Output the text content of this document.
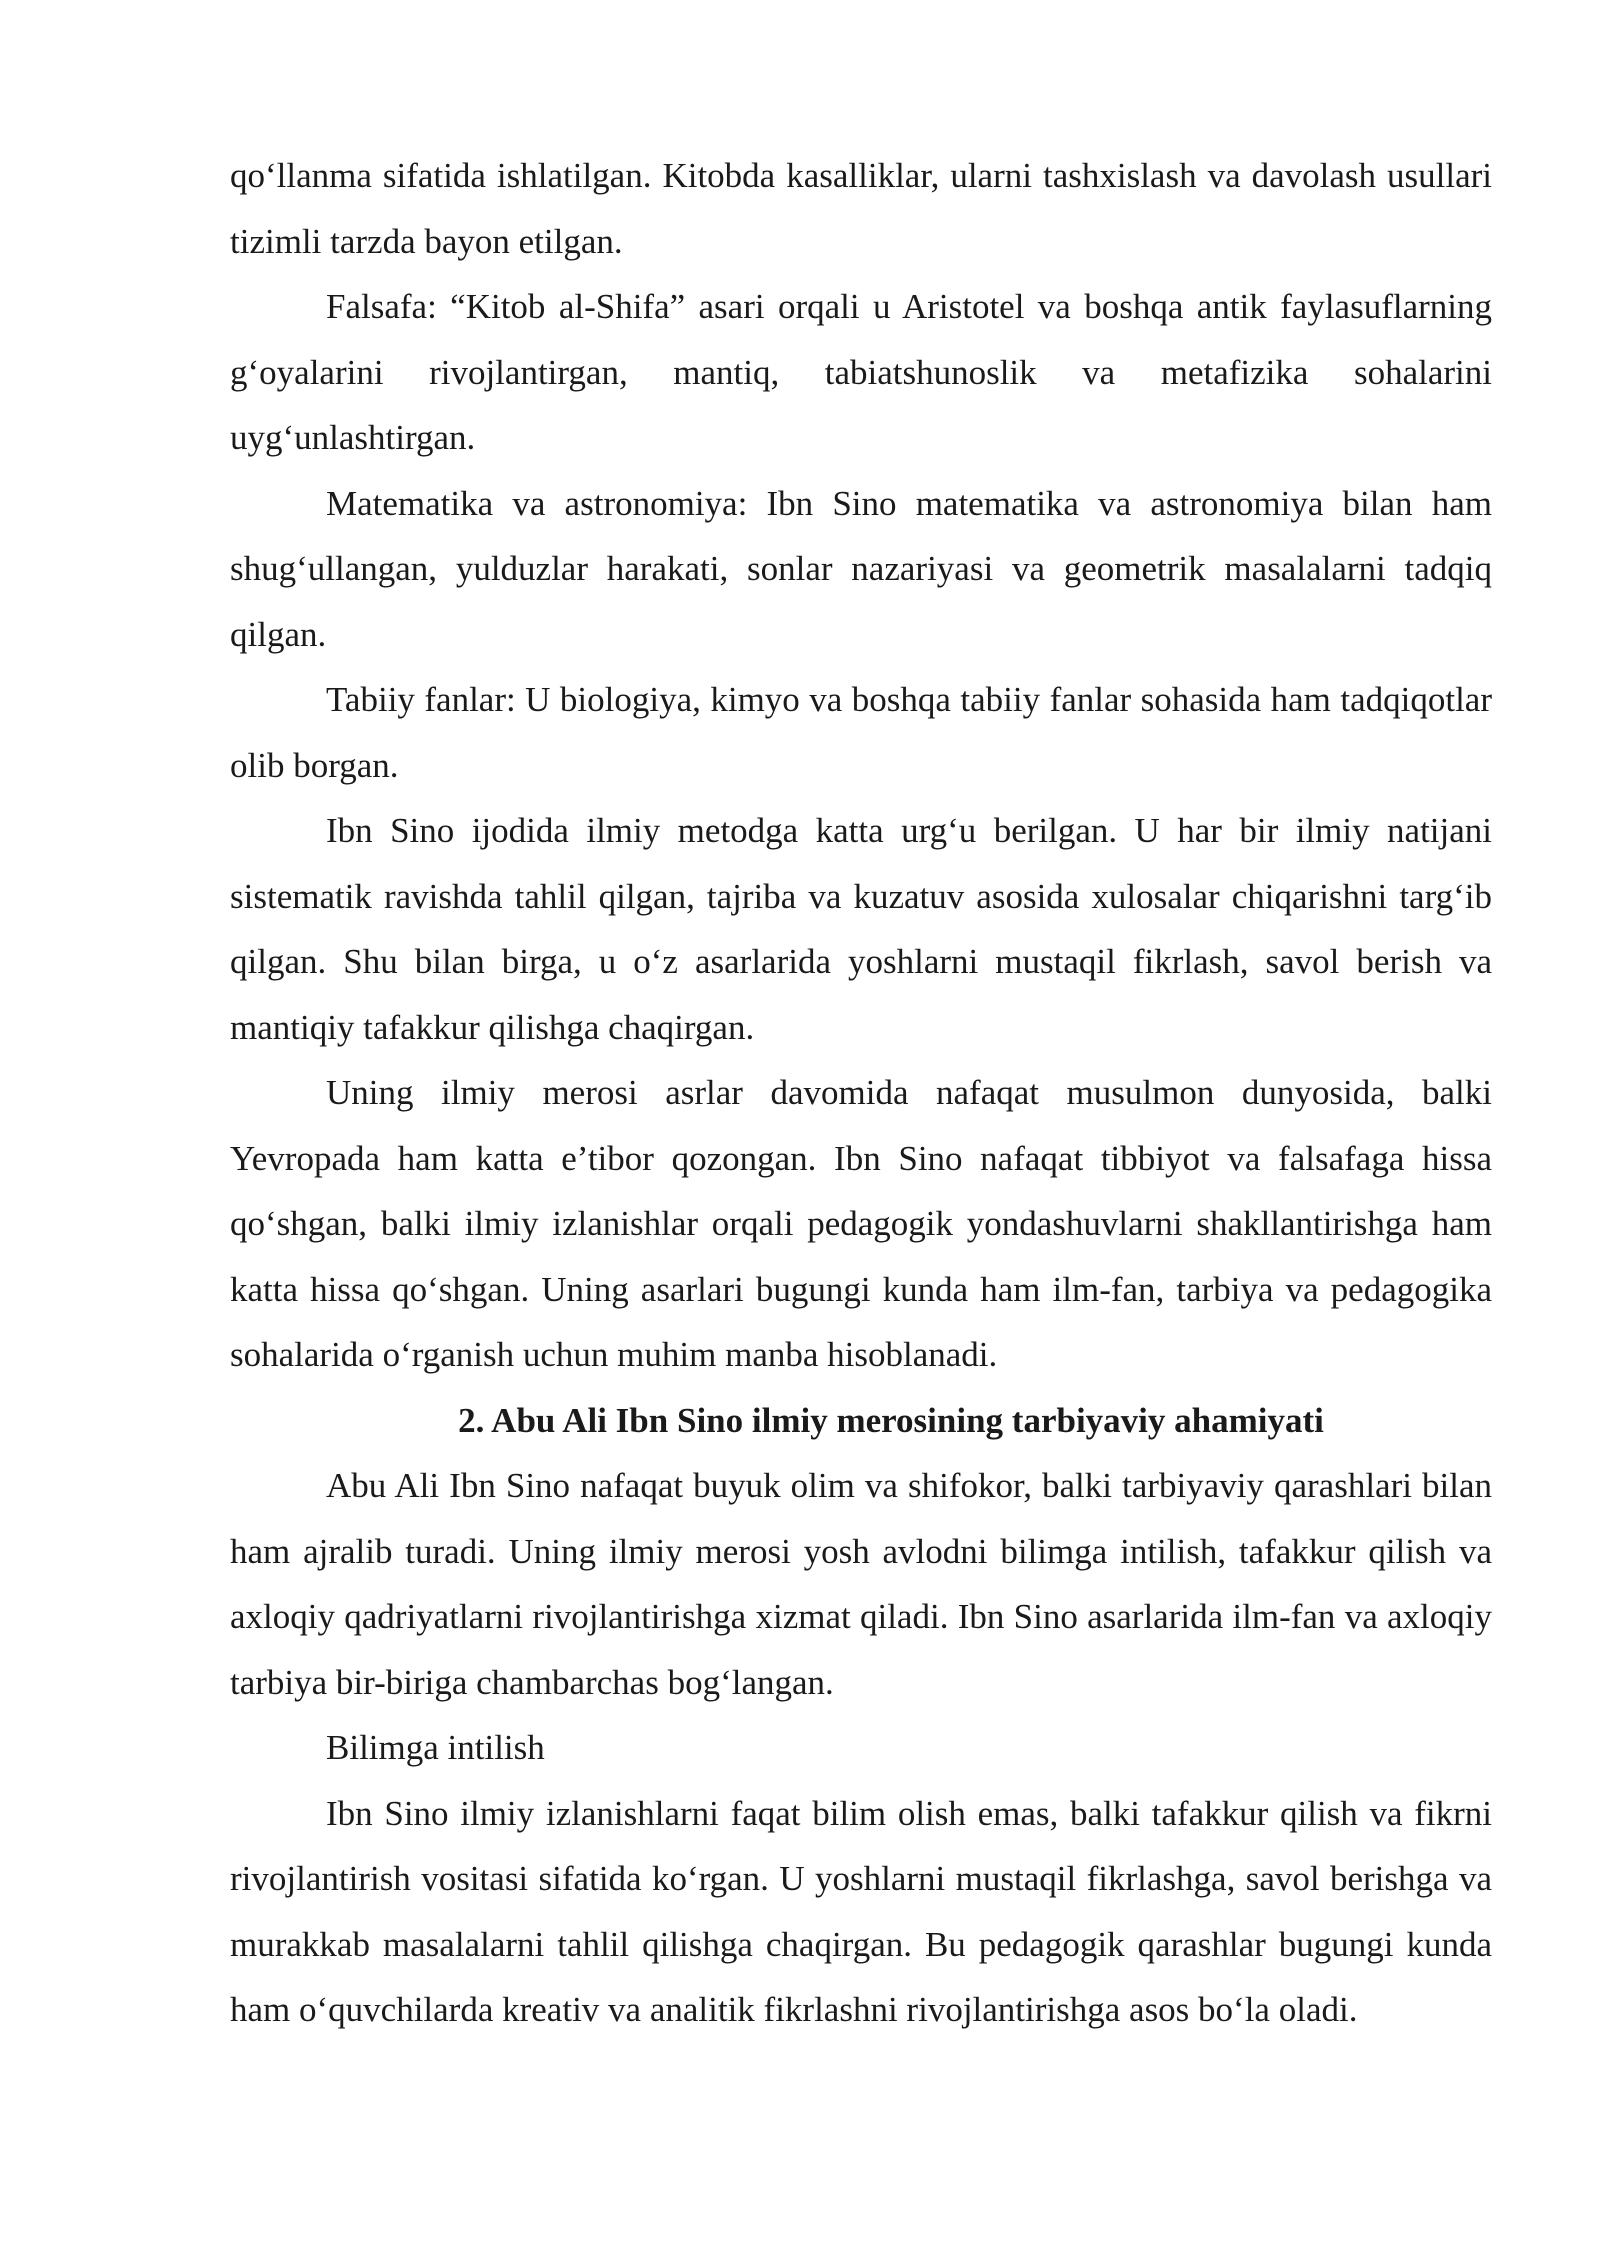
qo‘llanma sifatida ishlatilgan. Kitobda kasalliklar, ularni tashxislash va davolash usullari tizimli tarzda bayon etilgan.

Falsafa: “Kitob al-Shifa” asari orqali u Aristotel va boshqa antik faylasuflarning g‘oyalarini rivojlantirgan, mantiq, tabiatshunoslik va metafizika sohalarini uyg‘unlashtirgan.

Matematika va astronomiya: Ibn Sino matematika va astronomiya bilan ham shug‘ullangan, yulduzlar harakati, sonlar nazariyasi va geometrik masalalarni tadqiq qilgan.

Tabiiy fanlar: U biologiya, kimyo va boshqa tabiiy fanlar sohasida ham tadqiqotlar olib borgan.

Ibn Sino ijodida ilmiy metodga katta urg‘u berilgan. U har bir ilmiy natijani sistematik ravishda tahlil qilgan, tajriba va kuzatuv asosida xulosalar chiqarishni targ‘ib qilgan. Shu bilan birga, u o‘z asarlarida yoshlarni mustaqil fikrlash, savol berish va mantiqiy tafakkur qilishga chaqirgan.

Uning ilmiy merosi asrlar davomida nafaqat musulmon dunyosida, balki Yevropada ham katta e’tibor qozongan. Ibn Sino nafaqat tibbiyot va falsafaga hissa qo‘shgan, balki ilmiy izlanishlar orqali pedagogik yondashuvlarni shakllantirishga ham katta hissa qo‘shgan. Uning asarlari bugungi kunda ham ilm-fan, tarbiya va pedagogika sohalarida o‘rganish uchun muhim manba hisoblanadi.

2. Abu Ali Ibn Sino ilmiy merosining tarbiyaviy ahamiyati

Abu Ali Ibn Sino nafaqat buyuk olim va shifokor, balki tarbiyaviy qarashlari bilan ham ajralib turadi. Uning ilmiy merosi yosh avlodni bilimga intilish, tafakkur qilish va axloqiy qadriyatlarni rivojlantirishga xizmat qiladi. Ibn Sino asarlarida ilm-fan va axloqiy tarbiya bir-biriga chambarchas bog‘langan.

Bilimga intilish

Ibn Sino ilmiy izlanishlarni faqat bilim olish emas, balki tafakkur qilish va fikrni rivojlantirish vositasi sifatida ko‘rgan. U yoshlarni mustaqil fikrlashga, savol berishga va murakkab masalalarni tahlil qilishga chaqirgan. Bu pedagogik qarashlar bugungi kunda ham o‘quvchilarda kreativ va analitik fikrlashni rivojlantirishga asos bo‘la oladi.
